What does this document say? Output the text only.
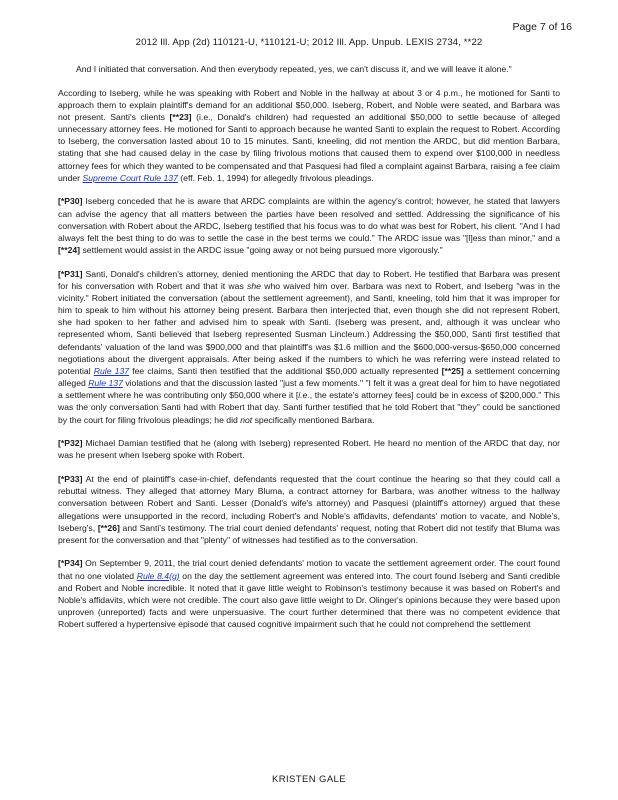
Page 7 of 16
2012 Ill. App (2d) 110121-U, *110121-U; 2012 Ill. App. Unpub. LEXIS 2734, **22

And I initiated that conversation. And then everybody repeated, yes, we can't discuss it, and we will leave it alone."

According to Iseberg, while he was speaking with Robert and Noble in the hallway at about 3 or 4 p.m., he motioned for Santi to approach them to explain plaintiff's demand for an additional $50,000. Iseberg, Robert, and Noble were seated, and Barbara was not present. Santi's clients [**23] (i.e., Donald's children) had requested an additional $50,000 to settle because of alleged unnecessary attorney fees. He motioned for Santi to approach because he wanted Santi to explain the request to Robert. According to Iseberg, the conversation lasted about 10 to 15 minutes. Santi, kneeling, did not mention the ARDC, but did mention Barbara, stating that she had caused delay in the case by filing frivolous motions that caused them to expend over $100,000 in needless attorney fees for which they wanted to be compensated and that Pasquesi had filed a complaint against Barbara, raising a fee claim under Supreme Court Rule 137 (eff. Feb. 1, 1994) for allegedly frivolous pleadings.

[*P30] Iseberg conceded that he is aware that ARDC complaints are within the agency's control; however, he stated that lawyers can advise the agency that all matters between the parties have been resolved and settled. Addressing the significance of his conversation with Robert about the ARDC, Iseberg testified that his focus was to do what was best for Robert, his client. "And I had always felt the best thing to do was to settle the case in the best terms we could." The ARDC issue was "[l]ess than minor," and a [**24] settlement would assist in the ARDC issue "going away or not being pursued more vigorously."

[*P31] Santi, Donald's children's attorney, denied mentioning the ARDC that day to Robert. He testified that Barbara was present for his conversation with Robert and that it was she who waived him over. Barbara was next to Robert, and Iseberg "was in the vicinity." Robert initiated the conversation (about the settlement agreement), and Santi, kneeling, told him that it was improper for him to speak to him without his attorney being present. Barbara then interjected that, even though she did not represent Robert, she had spoken to her father and advised him to speak with Santi. (Iseberg was present, and, although it was unclear who represented whom, Santi believed that Iseberg represented Susman Lincleum.) Addressing the $50,000, Santi first testified that defendants' valuation of the land was $900,000 and that plaintiff's was $1.6 million and the $600,000-versus-$650,000 concerned negotiations about the divergent appraisals. After being asked if the numbers to which he was referring were instead related to potential Rule 137 fee claims, Santi then testified that the additional $50,000 actually represented [**25] a settlement concerning alleged Rule 137 violations and that the discussion lasted "just a few moments." "I felt it was a great deal for him to have negotiated a settlement where he was contributing only $50,000 where it [i.e., the estate's attorney fees] could be in excess of $200,000." This was the only conversation Santi had with Robert that day. Santi further testified that he told Robert that "they" could be sanctioned by the court for filing frivolous pleadings; he did not specifically mentioned Barbara.

[*P32] Michael Damian testified that he (along with Iseberg) represented Robert. He heard no mention of the ARDC that day, nor was he present when Iseberg spoke with Robert.

[*P33] At the end of plaintiff's case-in-chief, defendants requested that the court continue the hearing so that they could call a rebuttal witness. They alleged that attorney Mary Bluma, a contract attorney for Barbara, was another witness to the hallway conversation between Robert and Santi. Lesser (Donald's wife's attorney) and Pasquesi (plaintiff's attorney) argued that these allegations were unsupported in the record, including Robert's and Noble's affidavits, defendants' motion to vacate, and Noble's, Iseberg's, [**26] and Santi's testimony. The trial court denied defendants' request, noting that Robert did not testify that Bluma was present for the conversation and that "plenty" of witnesses had testified as to the conversation.

[*P34] On September 9, 2011, the trial court denied defendants' motion to vacate the settlement agreement order. The court found that no one violated Rule 8.4(g) on the day the settlement agreement was entered into. The court found Iseberg and Santi credible and Robert and Noble incredible. It noted that it gave little weight to Robinson's testimony because it was based on Robert's and Noble's affidavits, which were not credible. The court also gave little weight to Dr. Olinger's opinions because they were based upon unproven (unreported) facts and were unpersuasive. The court further determined that there was no competent evidence that Robert suffered a hypertensive episode that caused cognitive impairment such that he could not comprehend the settlement

KRISTEN GALE
